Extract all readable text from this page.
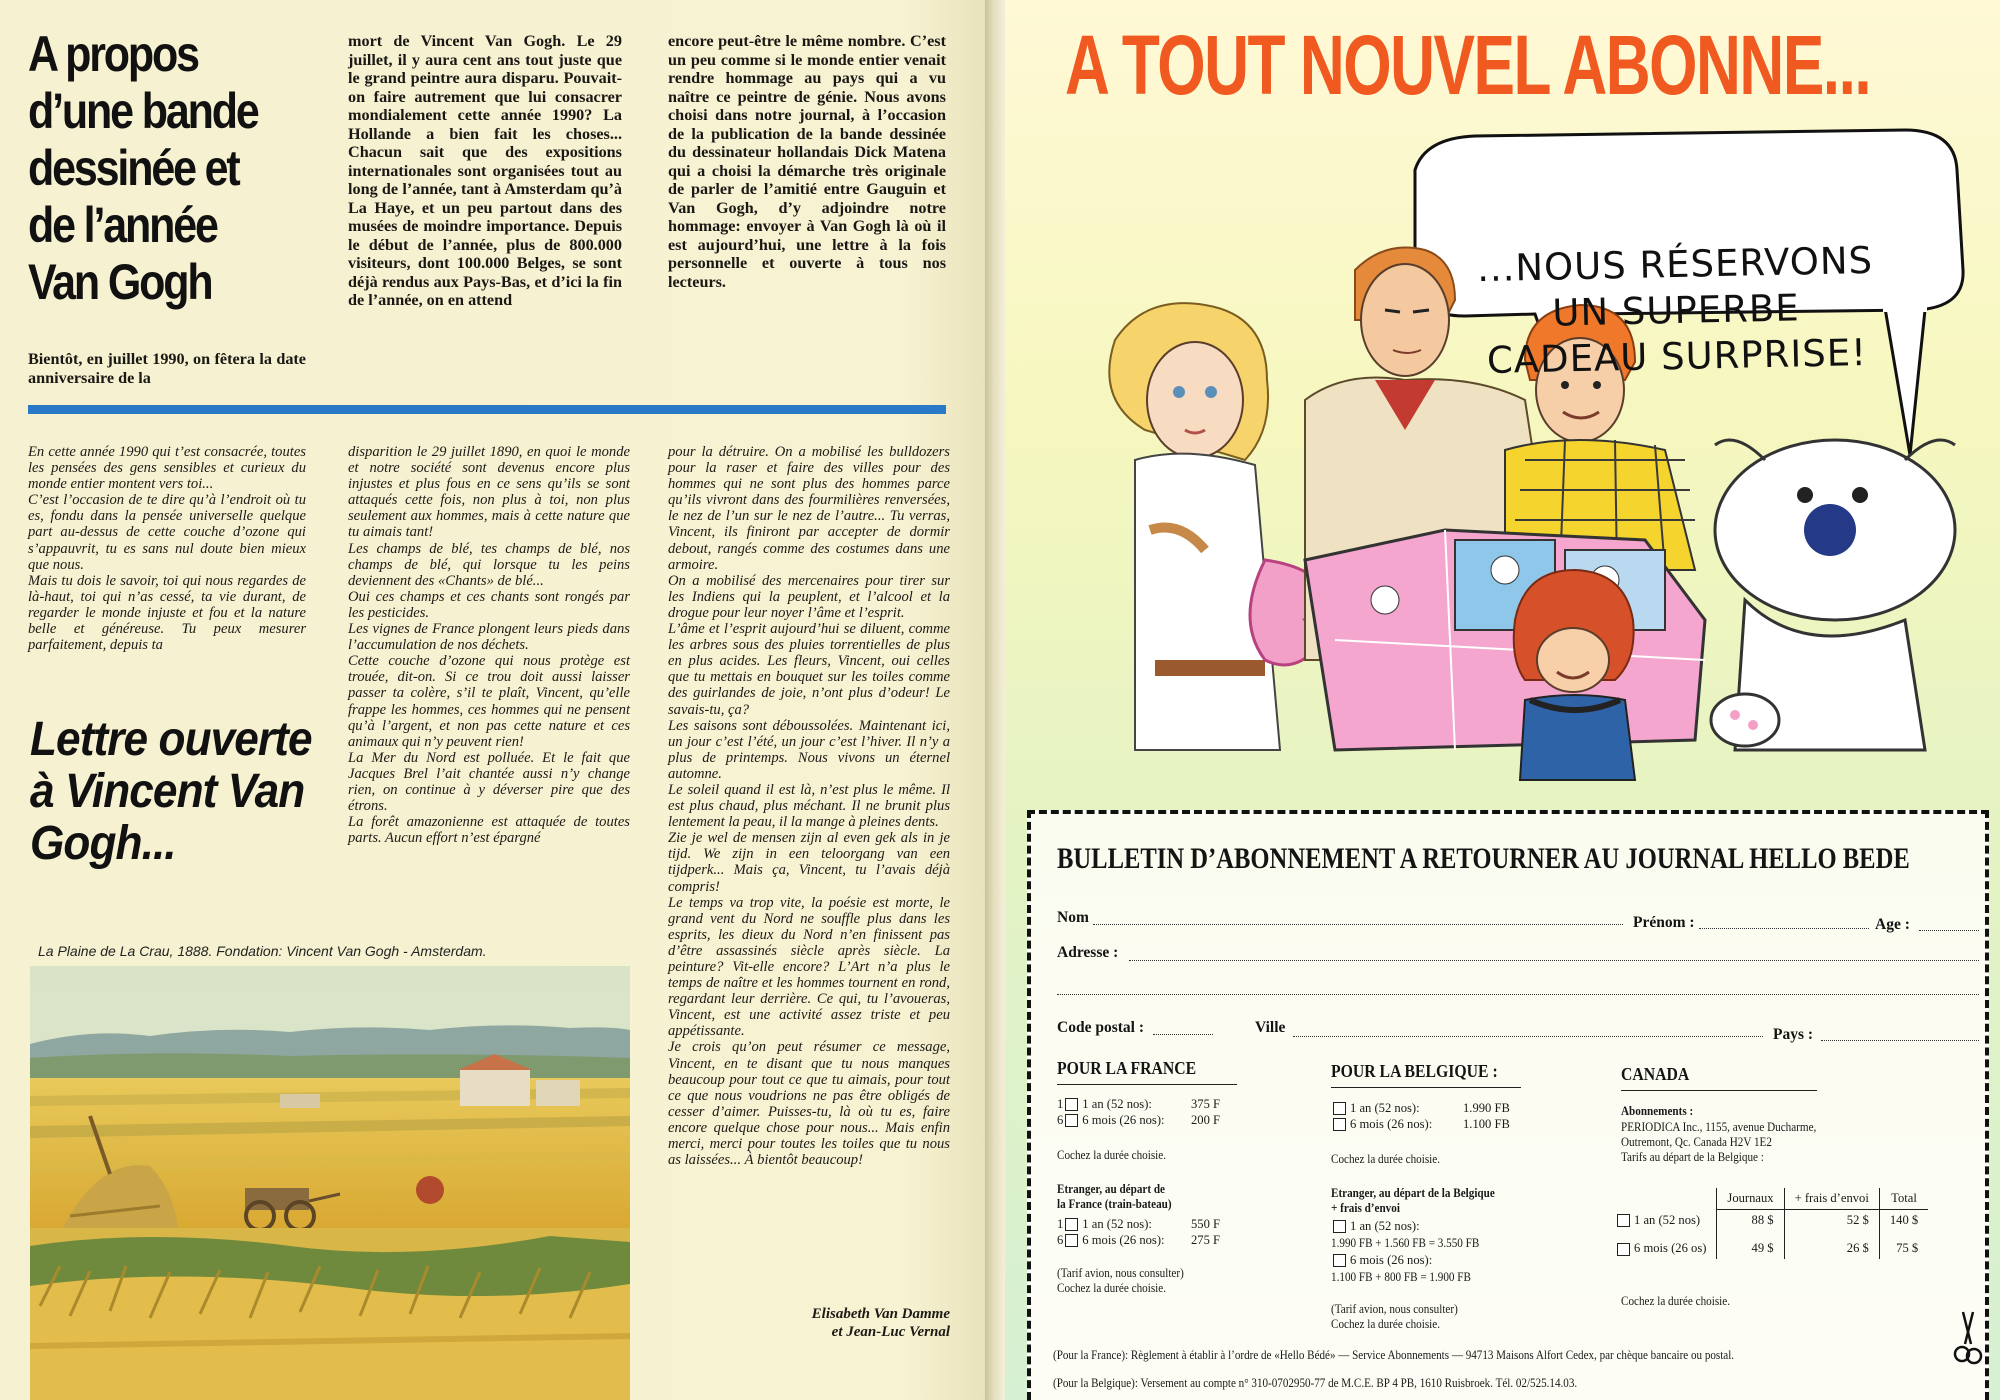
A propos d’une bande dessinée et de l’année Van Gogh
Bientôt, en juillet 1990, on fêtera la date anniversaire de la
mort de Vincent Van Gogh. Le 29 juillet, il y aura cent ans tout juste que le grand peintre aura disparu. Pouvait-on faire autrement que lui consacrer mondialement cette année 1990? La Hollande a bien fait les choses... Chacun sait que des expositions internationales sont organisées tout au long de l’année, tant à Amsterdam qu’à La Haye, et un peu partout dans des musées de moindre importance. Depuis le début de l’année, plus de 800.000 visiteurs, dont 100.000 Belges, se sont déjà rendus aux Pays-Bas, et d’ici la fin de l’année, on en attend
encore peut-être le même nombre. C’est un peu comme si le monde entier venait rendre hommage au pays qui a vu naître ce peintre de génie. Nous avons choisi dans notre journal, à l’occasion de la publication de la bande dessinée du dessinateur hollandais Dick Matena qui a choisi la démarche très originale de parler de l’amitié entre Gauguin et Van Gogh, d’y adjoindre notre hommage: envoyer à Van Gogh là où il est aujourd’hui, une lettre à la fois personnelle et ouverte à tous nos lecteurs.

En cette année 1990 qui t’est consacrée, toutes les pensées des gens sensibles et curieux du monde entier montent vers toi...

C’est l’occasion de te dire qu’à l’endroit où tu es, fondu dans la pensée universelle quelque part au-dessus de cette couche d’ozone qui s’appauvrit, tu es sans nul doute bien mieux que nous.

Mais tu dois le savoir, toi qui nous regardes de là-haut, toi qui n’as cessé, ta vie durant, de regarder le monde injuste et fou et la nature belle et généreuse. Tu peux mesurer parfaitement, depuis ta

Lettre ouverte à Vincent Van Gogh...
La Plaine de La Crau, 1888. Fondation: Vincent Van Gogh - Amsterdam.

disparition le 29 juillet 1890, en quoi le monde et notre société sont devenus encore plus injustes et plus fous en ce sens qu’ils se sont attaqués cette fois, non plus à toi, non plus seulement aux hommes, mais à cette nature que tu aimais tant!

Les champs de blé, tes champs de blé, nos champs de blé, qui lorsque tu les peins deviennent des «Chants» de blé...

Oui ces champs et ces chants sont rongés par les pesticides.

Les vignes de France plongent leurs pieds dans l’accumulation de nos déchets.

Cette couche d’ozone qui nous protège est trouée, dit-on. Si ce trou doit aussi laisser passer ta colère, s’il te plaît, Vincent, qu’elle frappe les hommes, ces hommes qui ne pensent qu’à l’argent, et non pas cette nature et ces animaux qui n’y peuvent rien!

La Mer du Nord est polluée. Et le fait que Jacques Brel l’ait chantée aussi n’y change rien, on continue à y déverser pire que des étrons.

La forêt amazonienne est attaquée de toutes parts. Aucun effort n’est épargné

pour la détruire. On a mobilisé les bulldozers pour la raser et faire des villes pour des hommes qui ne sont plus des hommes parce qu’ils vivront dans des fourmilières renversées, le nez de l’un sur le nez de l’autre... Tu verras, Vincent, ils finiront par accepter de dormir debout, rangés comme des costumes dans une armoire.

On a mobilisé des mercenaires pour tirer sur les Indiens qui la peuplent, et l’alcool et la drogue pour leur noyer l’âme et l’esprit.

L’âme et l’esprit aujourd’hui se diluent, comme les arbres sous des pluies torrentielles de plus en plus acides. Les fleurs, Vincent, oui celles que tu mettais en bouquet sur les toiles comme des guirlandes de joie, n’ont plus d’odeur! Le savais-tu, ça?

Les saisons sont déboussolées. Maintenant ici, un jour c’est l’été, un jour c’est l’hiver. Il n’y a plus de printemps. Nous vivons un éternel automne.

Le soleil quand il est là, n’est plus le même. Il est plus chaud, plus méchant. Il ne brunit plus lentement la peau, il la mange à pleines dents.

Zie je wel de mensen zijn al even gek als in je tijd. We zijn in een teloorgang van een tijdperk... Mais ça, Vincent, tu l’avais déjà compris!

Le temps va trop vite, la poésie est morte, le grand vent du Nord ne souffle plus dans les esprits, les dieux du Nord n’en finissent pas d’être assassinés siècle après siècle. La peinture? Vit-elle encore? L’Art n’a plus le temps de naître et les hommes tournent en rond, regardant leur derrière. Ce qui, tu l’avoueras, Vincent, est une activité assez triste et peu appétissante.

Je crois qu’on peut résumer ce message, Vincent, en te disant que tu nous manques beaucoup pour tout ce que tu aimais, pour tout ce que nous voudrions ne pas être obligés de cesser d’aimer. Puisses-tu, là où tu es, faire encore quelque chose pour nous... Mais enfin merci, merci pour toutes les toiles que tu nous as laissées... À bientôt beaucoup!

Elisabeth Van Damme
et Jean-Luc Vernal
A TOUT NOUVEL ABONNE...
...NOUS RÉSERVONS
UN SUPERBE
CADEAU SURPRISE!
BULLETIN D’ABONNEMENT A RETOURNER AU JOURNAL HELLO BEDE
Nom	Prénom :	Age :
Adresse :
Code postal :	Ville	Pays :
POUR LA FRANCE
1 1 an (52 nos):	375 F
6 6 mois (26 nos): 200 F
Cochez la durée choisie.
Etranger, au départ de
la France (train-bateau)
1 1 an (52 nos):	550 F
6 6 mois (26 nos): 275 F
(Tarif avion, nous consulter)
Cochez la durée choisie.
POUR LA BELGIQUE :
1 an (52 nos):	1.990 FB
6 mois (26 nos): 1.100 FB
Cochez la durée choisie.
Etranger, au départ de la Belgique
+ frais d’envoi
1 an (52 nos):
1.990 FB + 1.560 FB = 3.550 FB
6 mois (26 nos):
1.100 FB + 800 FB = 1.900 FB
(Tarif avion, nous consulter)
Cochez la durée choisie.
CANADA
Abonnements :
PERIODICA Inc., 1155, avenue Ducharme,
Outremont, Qc. Canada H2V 1E2
Tarifs au départ de la Belgique :
Cochez la durée choisie.
(Pour la France): Règlement à établir à l’ordre de «Hello Bédé» — Service Abonnements — 94713 Maisons Alfort Cedex, par chèque bancaire ou postal.
(Pour la Belgique): Versement au compte n° 310-0702950-77 de M.C.E. BP 4 PB, 1610 Ruisbroek. Tél. 02/525.14.03.
	Journaux	+ frais d’envoi	Total
1 an (52 nos)	88 $	52 $	140 $
6 mois (26 os)	49 $	26 $	75 $
